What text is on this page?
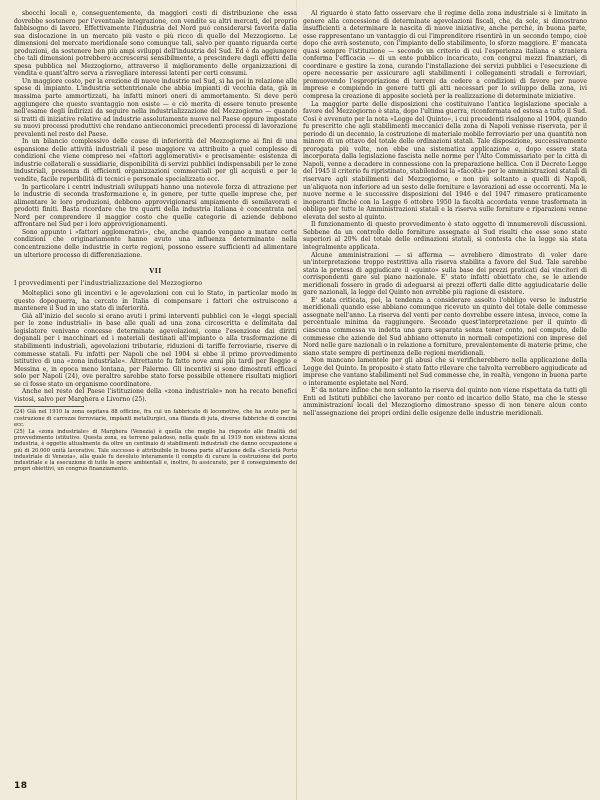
sbocchi locali e, conseguentemente, da maggiori costi di distribuzione che essa dovrebbe sostenere per l'eventuale integrazione, con vendite su altri mercati, del proprio fabbisogno di lavoro. Effettivamente l'industria del Nord può considerarsi favorita dalla sua dislocazione in un mercato più vasto e più ricco di quello del Mezzogiorno. Le dimensioni del mercato meridionale sono comunque tali, salvo per quanto riguarda certe produzioni, da sostenere ben più ampi sviluppi dell'industria del Sud. Ed è da aggiungere che tali dimensioni potrebbero accrescersi sensibilmente, a prescindere dagli effetti della spesa pubblica nel Mezzogiorno, attraverso il miglioramento delle organizzazioni di vendita e quant'altro serva a risvegliare interessi latenti per certi consumi.

Un maggiore costo, per la erezione di nuove industrie nel Sud, si ha poi in relazione alle spese di impianto. L'industria settentrionale che abbia impianti di vecchia data, già in massima parte ammortizzati, ha infatti minori oneri di ammortamento. Si deve però aggiungere che questo svantaggio non esiste — e ciò merita di essere tenuto presente nell'esame degli indirizzi da seguire nella industrializzazione del Mezzogiorno — quando si tratti di iniziative relative ad industrie assolutamente nuove nel Paese oppure impostate su nuovi processi produttivi che rendano antieconomici precedenti processi di lavorazione prevalenti nel resto del Paese.

In un bilancio complessivo delle cause di inferiorità del Mezzogiorno ai fini di una espansione delle attività industriali il peso maggiore va attribuito a quel complesso di condizioni che viene compreso nei «fattori agglomerativi» e precisamente: esistenza di industrie collaterali e sussidiarie, disponibilità di servizi pubblici indispensabili per le zone industriali, presenza di efficienti organizzazioni commerciali per gli acquisti e per le vendite, facile reperibilità di tecnici e personale specializzato ecc.

In particolare i centri industriali sviluppati hanno una notevole forza di attrazione per le industrie di seconda trasformazione e, in genere, per tutte quelle imprese che, per alimentare le loro produzioni, debbono approvvigionarsi ampiamente di semilavorati e prodotti finiti. Basta ricordare che tre quarti della industria italiana è concentrata nel Nord per comprendere il maggior costo che quelle categorie di aziende debbono affrontare nel Sud per i loro approvvigionamenti.

Sono appunto i «fattori agglomerativi», che, anche quando vengano a mutare certe condizioni che originariamente hanno avuto una influenza determinante nella concentrazione delle industrie in certe regioni, possono essere sufficienti ad alimentare un ulteriore processo di differenziazione.

VII
I provvedimenti per l'industrializzazione del Mezzogiorno

Molteplici sono gli incentivi e le agevolazioni con cui lo Stato, in particolar modo in questo dopoguerra, ha cercato in Italia di compensare i fattori che ostruiscono a mantenere il Sud in uno stato di inferiorità.

Già all'inizio del secolo si erano avuti i primi interventi pubblici con le «leggi speciali per le zone industriali» in base alle quali ad una zona circoscritta e delimitata dal legislatore venivano concesse determinate agevolazioni, come l'esenzione dai diritti doganali per i macchinari ed i materiali destinati all'impianto o alla trasformazione di stabilimenti industriali, agevolazioni tributarie, riduzioni di tariffe ferroviarie, riserve di commesse statali. Fu infatti per Napoli che nel 1904 si ebbe il primo provvedimento istitutivo di una «zona industriale». Altrettanto fu fatto nove anni più tardi per Reggio e Messina e, in epoca meno lontana, per Palermo. Gli incentivi si sono dimostrati efficaci solo per Napoli (24), ove peraltro sarebbe stato forse possibile ottenere risultati migliori se ci fosse stato un organismo coordinatore.

Anche nel resto del Paese l'istituzione della «zona industriale» non ha recato benefici vistosi, salvo per Marghera e Livorno (25).

(24) Già nel 1910 la zona ospitava 88 officine, fra cui un fabbricato di locomotive, che ha avuto per la costruzione di carrozze ferroviarie, impianti metallurgici, una filanda di juta, diverse fabbriche di concimi ecc.

(25) La «zona industriale» di Marghera (Venezia) è quella che meglio ha risposto alle finalità del provvedimento istitutivo. Questa zona, su terreno paludoso, nella quale fin al 1919 non esisteva alcuna industria, è oggetto attualmente da oltre un centinaio di stabilimenti industriali che danno occupazione a più di 20.000 unità lavorative. Tale successo è attribuibile in buona parte all'azione della «Società Porto industriale di Venezia», alla quale fu devoluto interamente il compito di curare la costruzione del porto industriale e la esecuzione di tutte le opere ambientali e, inoltre, fu assicurato, per il conseguimento dei propri obiettivi, un congruo finanziamento.

Al riguardo è stato fatto osservare che il regime della zona industriale si è limitato in genere alla concessione di determinate agevolazioni fiscali, che, da sole, si dimostrano insufficienti a determinare la nascita di nuove iniziative, anche perché, in buona parte, esse rappresentano un vantaggio di cui l'imprenditore risentirà in un secondo tempo, cioè dopo che avrà sostenuto, con l'impianto dello stabilimento, lo sforzo maggiore. E' mancata quasi sempre l'istituzione — secondo un criterio di cui l'esperienza italiana e straniera conferma l'efficacia — di un ente pubblico incaricato, con congrui mezzi finanziari, di coordinare e gestire la zona, curando l'installazione dei servizi pubblici e l'esecuzione di opere necessarie per assicurare agli stabilimenti i collegamenti stradali e ferroviari, promuovendo l'espropriazione di terreni da cedere a condizioni di favore per nuove imprese e compiendo in genere tutti gli atti necessari per lo sviluppo della zona, ivi compresa la creazione di apposite società per la realizzazione di determinate iniziative.

La maggior parte delle disposizioni che costituivano l'antica legislazione speciale a favore del Mezzogiorno è stata, dopo l'ultima guerra, riconfermata ed estesa a tutto il Sud. Così è avvenuto per la nota «Legge del Quinto», i cui precedenti risalgono al 1904, quando fu prescritto che agli stabilimenti meccanici della zona di Napoli venisse riservata, per il periodo di un decennio, la costruzione di materiale mobile ferroviario per una quantità non minore di un ottavo del totale delle ordinazioni statali. Tale disposizione, successivamente prorogata più volte, non ebbe una sistematica applicazione e, dopo essere stata incorporata dalla legislazione fascista nelle norme per l'Alto Commissariato per la città di Napoli, venne a decadere in connessione con la preparazione bellica. Con il Decreto Legge del 1945 il criterio fu ripristinato, stabilendosi la «facoltà» per le amministrazioni statali di riservare agli stabilimenti del Mezzogiorno, e non più soltanto a quelli di Napoli, un'aliquota non inferiore ad un sesto delle forniture e lavorazioni ad esse occorrenti. Ma le nuove norme e le successive disposizioni del 1946 e del 1947 rimasero praticamente inoperanti finché con la Legge 6 ottobre 1950 la facoltà accordata venne trasformata in obbligo per tutte le Amministrazioni statali e la riserva sulle forniture e riparazioni venne elevata del sesto al quinto.

Il funzionamento di questo provvedimento è stato oggetto di innumerevoli discussioni. Sebbene da un controllo delle forniture assegnate al Sud risulti che esse sono state superiori al 20% del totale delle ordinazioni statali, si contesta che la legge sia stata integralmente applicata.

Alcune amministrazioni — si afferma — avrebbero dimostrato di voler dare un'interpretazione troppo restrittiva alla riserva stabilita a favore del Sud. Tale sarebbe stata la pretesa di aggiudicare il «quinto» sulla base dei prezzi praticati dai vincitori di corrispondenti gare sul piano nazionale. E' stato infatti obiettato che, se le aziende meridionali fossero in grado di adeguarsi ai prezzi offerti dalle ditte aggiudicatarie delle gare nazionali, la legge del Quinto non avrebbe più ragione di esistere.

E' stata criticata, poi, la tendenza a considerare assolto l'obbligo verso le industrie meridionali quando esse abbiano comunque ricevuto un quinto del totale delle commesse assegnate nell'anno. La riserva del venti per cento dovrebbe essere intesa, invece, come la percentuale minima da raggiungere. Secondo quest'interpretazione per il quinto di ciascuna commessa va indetta una gara separata senza tener conto, nel computo, delle commesse che aziende del Sud abbiano ottenuto in normali competizioni con imprese del Nord nelle gare nazionali o in relazione a forniture, prevalentemente di materie prime, che siano state sempre di pertinenza delle regioni meridionali.

Non mancano lamentele per gli abusi che si verificherebbero nella applicazione della Legge del Quinto. In proposito è stato fatto rilevare che talvolta verrebbero aggiudicate ad imprese che vantano stabilimenti nel Sud commesse che, in realtà, vengono in buona parte o interamente espletate nel Nord.

E' da notare infine che non soltanto la riserva del quinto non viene rispettata da tutti gli Enti ed Istituti pubblici che lavorano per conto ed incarico dello Stato, ma che le stesse amministrazioni locali del Mezzogiorno dimostrano spesso di non tenere alcun conto nell'assegnazione dei propri ordini delle esigenze delle industrie meridionali.

18
